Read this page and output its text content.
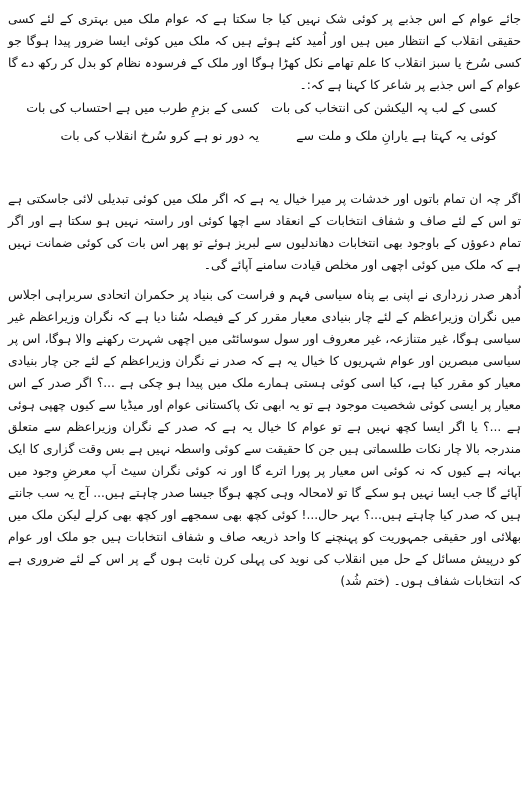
جائے عوام کے اس جذبے پر کوئی شک نہیں کیا جا سکتا ہے کہ عوام ملک میں بہتری کے لئے کسی حقیقی انقلاب کے انتظار میں ہیں اور اُمید کئے ہوئے ہیں کہ ملک میں کوئی ایسا ضرور پیدا ہوگا جو کسی سُرخ یا سبز انقلاب کا علم تھامے نکل کھڑا ہوگا اور ملک کے فرسودہ نظام کو بدل کر رکھ دے گا عوام کے اس جذبے پر شاعر کا کہنا ہے کہ:۔

کسی کے لب پہ الیکشن کی انتخاب کی بات
کسی کے بزمِ طرب میں ہے احتساب کی بات
کوئی یہ کہتا ہے یارانِ ملک و ملت سے
یہ دور نو ہے کرو سُرخ انقلاب کی بات

اگر چہ ان تمام باتوں اور خدشات پر میرا خیال یہ ہے کہ اگر ملک میں کوئی تبدیلی لائی جاسکتی ہے تو اس کے لئے صاف و شفاف انتخابات کے انعقاد سے اچھا کوئی اور راستہ نہیں ہو سکتا ہے اور اگر تمام دعوؤں کے باوجود بھی انتخابات دھاندلیوں سے لبریز ہوئے تو پھر اس بات کی کوئی ضمانت نہیں ہے کہ ملک میں کوئی اچھی اور مخلص قیادت سامنے آپائے گی۔

اُدھر صدر زرداری نے اپنی بے پناہ سیاسی فہم و فراست کی بنیاد پر حکمران اتحادی سربراہی اجلاس میں نگران وزیراعظم کے لئے چار بنیادی معیار مقرر کر کے فیصلہ سُنا دیا ہے کہ نگران وزیراعظم غیر سیاسی ہوگا، غیر متنازعہ، غیر معروف اور سول سوسائٹی میں اچھی شہرت رکھنے والا ہوگا، اس پر سیاسی مبصرین اور عوام شہریوں کا خیال یہ ہے کہ صدر نے نگران وزیراعظم کے لئے جن چار بنیادی معیار کو مقرر کیا ہے، کیا اسی کوئی ہستی ہمارے ملک میں پیدا ہو چکی ہے ...؟ اگر صدر کے اس معیار پر ایسی کوئی شخصیت موجود ہے تو یہ ابھی تک پاکستانی عوام اور میڈیا سے کیوں چھپی ہوئی ہے ...؟ یا اگر ایسا کچھ نہیں ہے تو عوام کا خیال یہ ہے کہ صدر کے نگران وزیراعظم سے متعلق مندرجہ بالا چار نکات طلسماتی ہیں جن کا حقیقت سے کوئی واسطہ نہیں ہے بس وقت گزاری کا ایک بہانہ ہے کیوں کہ نہ کوئی اس معیار پر پورا اترے گا اور نہ کوئی نگران سیٹ اَپ معرضِ وجود میں آپائے گا جب ایسا نہیں ہو سکے گا تو لامحالہ وہی کچھ ہوگا جیسا صدر چاہتے ہیں... آج یہ سب جانتے ہیں کہ صدر کیا چاہتے ہیں...؟ بہر حال...! کوئی کچھ بھی سمجھے اور کچھ بھی کرلے لیکن ملک میں بھلائی اور حقیقی جمہوریت کو پہنچنے کا واحد ذریعہ صاف و شفاف انتخابات ہیں جو ملک اور عوام کو درپیش مسائل کے حل میں انقلاب کی نوید کی پہلی کرن ثابت ہوں گے پر اس کے لئے ضروری ہے کہ انتخابات شفاف ہوں۔ (ختم شُد)
